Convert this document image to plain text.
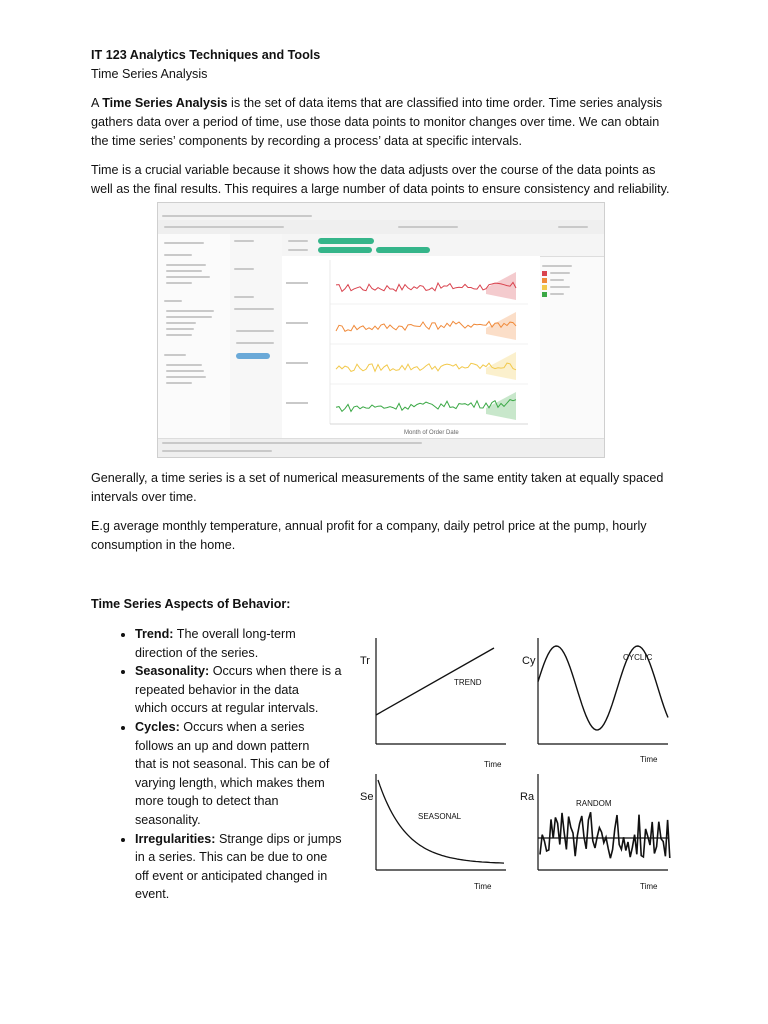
IT 123 Analytics Techniques and Tools
Time Series Analysis
A Time Series Analysis is the set of data items that are classified into time order. Time series analysis
gathers data over a period of time, use those data points to monitor changes over time. We can obtain
the time series’ components by recording a process’ data at specific intervals.
Time is a crucial variable because it shows how the data adjusts over the course of the data points as
well as the final results. This requires a large number of data points to ensure consistency and reliability.
Month of Order Date
Generally, a time series is a set of numerical measurements of the same entity taken at equally spaced
intervals over time.
E.g average monthly temperature, annual profit for a company, daily petrol price at the pump, hourly
consumption in the home.
Time Series Aspects of Behavior:
• Trend: The overall long-term
direction of the series.
• Seasonality: Occurs when there is a
repeated behavior in the data
which occurs at regular intervals.
• Cycles: Occurs when a series
follows an up and down pattern
that is not seasonal. This can be of
varying length, which makes them
more tough to detect than
seasonality.
• Irregularities: Strange dips or jumps
in a series. This can be due to one
off event or anticipated changed in
event.
Tr
TREND
Time
Cy	CYCLIC
Time
Se
SEASONAL
Time
Ra
RANDOM
Time
